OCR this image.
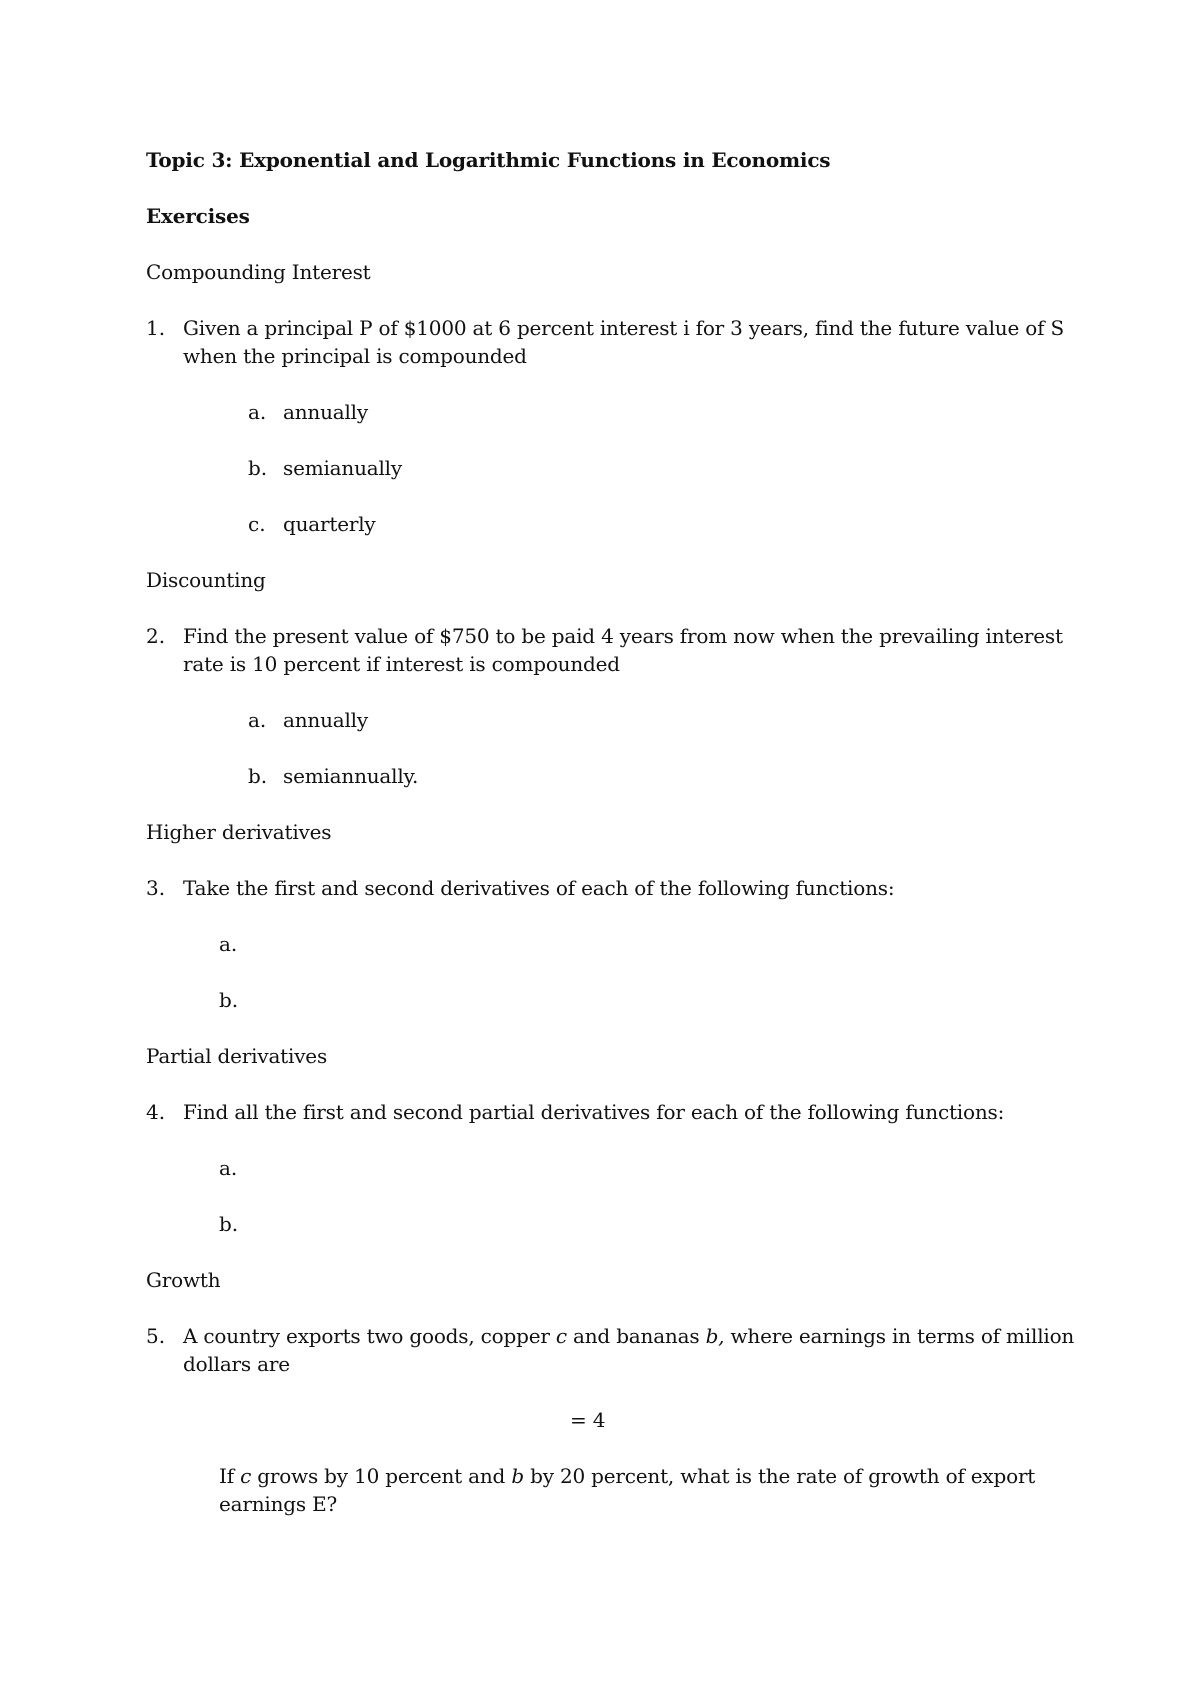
Topic 3: Exponential and Logarithmic Functions in Economics
Exercises
Compounding Interest
1. Given a principal P of $1000 at 6 percent interest i for 3 years, find the future value of S
when the principal is compounded
a. annually
b. semianually
c. quarterly
Discounting
2. Find the present value of $750 to be paid 4 years from now when the prevailing interest
rate is 10 percent if interest is compounded
a. annually
b. semiannually.
Higher derivatives
3. Take the first and second derivatives of each of the following functions:
a.
b.
Partial derivatives
4. Find all the first and second partial derivatives for each of the following functions:
a.
b.
Growth
5. A country exports two goods, copper c and bananas b, where earnings in terms of million
dollars are
= 4
If c grows by 10 percent and b by 20 percent, what is the rate of growth of export
earnings E?
